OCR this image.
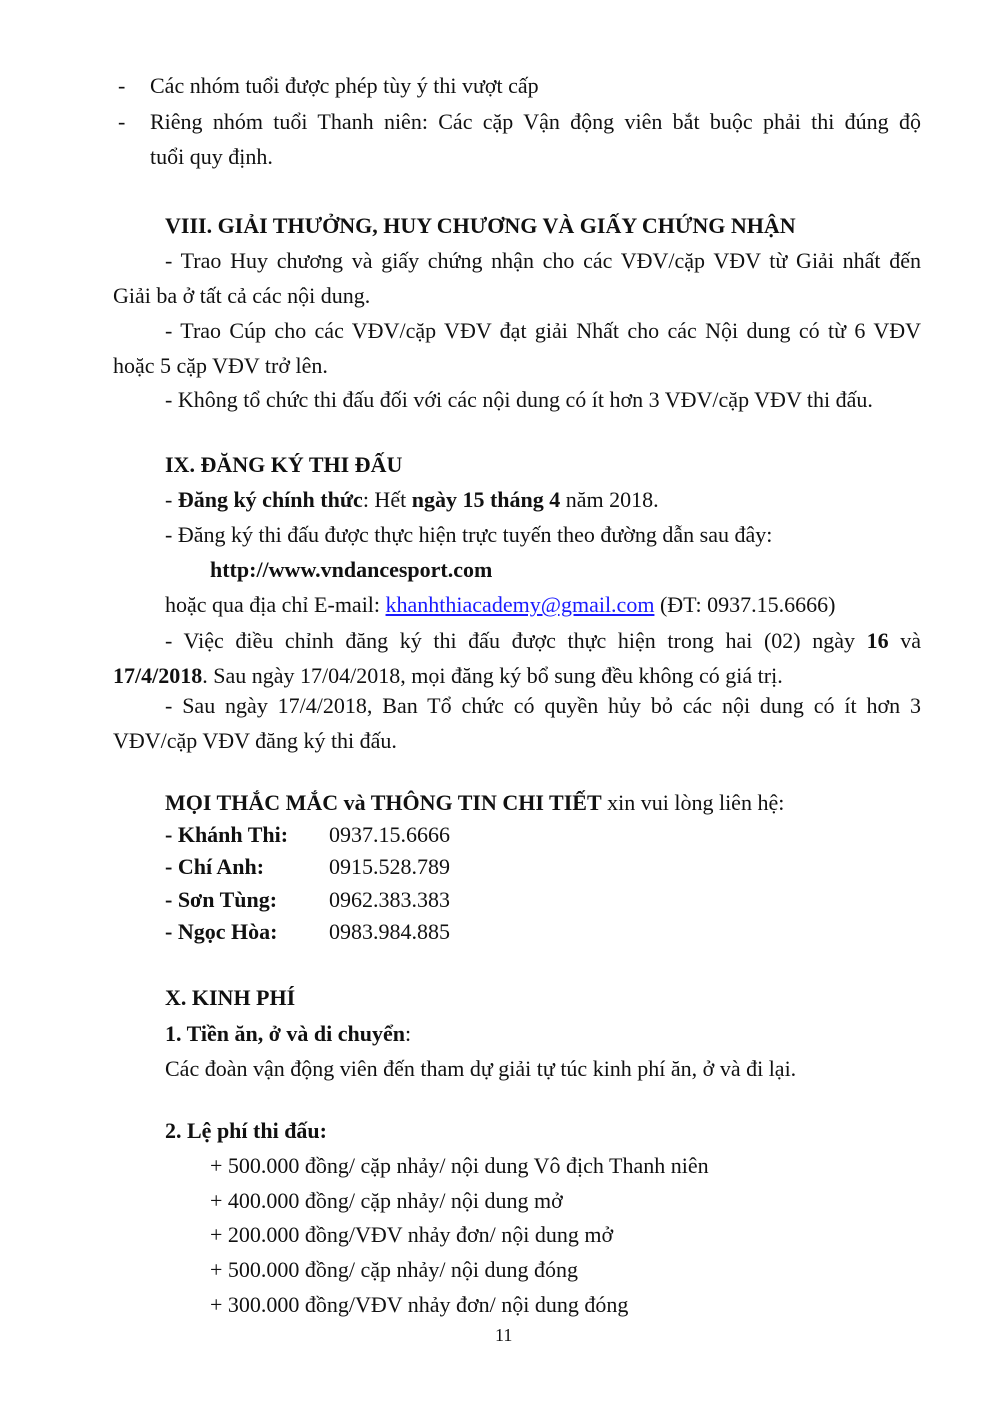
- Các nhóm tuổi được phép tùy ý thi vượt cấp
- Riêng nhóm tuổi Thanh niên: Các cặp Vận động viên bắt buộc phải thi đúng độ
tuổi quy định.
VIII. GIẢI THƯỞNG, HUY CHƯƠNG VÀ GIẤY CHỨNG NHẬN
- Trao Huy chương và giấy chứng nhận cho các VĐV/cặp VĐV từ Giải nhất đến
Giải ba ở tất cả các nội dung.
- Trao Cúp cho các VĐV/cặp VĐV đạt giải Nhất cho các Nội dung có từ 6 VĐV
hoặc 5 cặp VĐV trở lên.
- Không tổ chức thi đấu đối với các nội dung có ít hơn 3 VĐV/cặp VĐV thi đấu.
IX. ĐĂNG KÝ THI ĐẤU
- Đăng ký chính thức: Hết ngày 15 tháng 4 năm 2018.
- Đăng ký thi đấu được thực hiện trực tuyến theo đường dẫn sau đây:
http://www.vndancesport.com
hoặc qua địa chỉ E-mail: khanhthiacademy@gmail.com (ĐT: 0937.15.6666)
- Việc điều chỉnh đăng ký thi đấu được thực hiện trong hai (02) ngày 16 và
17/4/2018. Sau ngày 17/04/2018, mọi đăng ký bổ sung đều không có giá trị.
- Sau ngày 17/4/2018, Ban Tổ chức có quyền hủy bỏ các nội dung có ít hơn 3
VĐV/cặp VĐV đăng ký thi đấu.
MỌI THẮC MẮC và THÔNG TIN CHI TIẾT xin vui lòng liên hệ:
- Khánh Thi: 0937.15.6666
- Chí Anh:	0915.528.789
- Sơn Tùng: 0962.383.383
- Ngọc Hòa: 0983.984.885
X. KINH PHÍ
1. Tiền ăn, ở và di chuyển:
Các đoàn vận động viên đến tham dự giải tự túc kinh phí ăn, ở và đi lại.
2. Lệ phí thi đấu:
+ 500.000 đồng/ cặp nhảy/ nội dung Vô địch Thanh niên
+ 400.000 đồng/ cặp nhảy/ nội dung mở
+ 200.000 đồng/VĐV nhảy đơn/ nội dung mở
+ 500.000 đồng/ cặp nhảy/ nội dung đóng
+ 300.000 đồng/VĐV nhảy đơn/ nội dung đóng
11
